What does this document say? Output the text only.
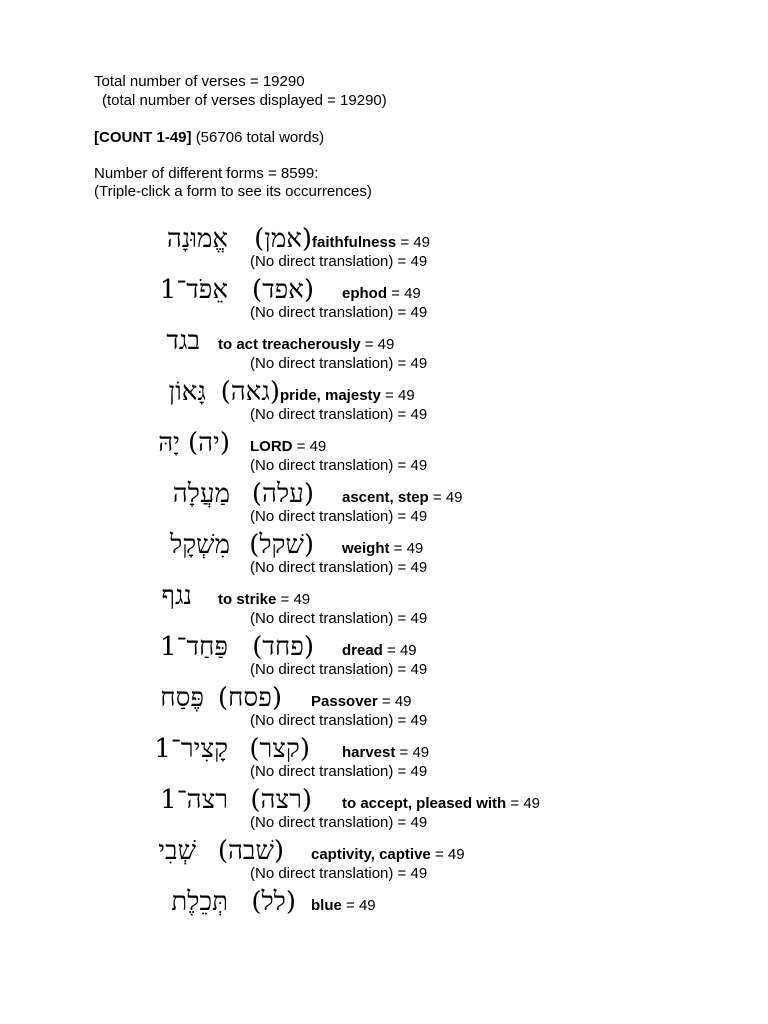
Total number of verses = 19290
(total number of verses displayed = 19290)
[COUNT 1-49] (56706 total words)
Number of different forms = 8599:
(Triple-click a form to see its occurrences)
אֱמוּנָה (אמן) faithfulness = 49
(No direct translation) = 49
אֵפֹד־1 (אפד) ephod = 49
(No direct translation) = 49
בגד to act treacherously = 49
(No direct translation) = 49
גָּאוֹן (גאה) pride, majesty = 49
(No direct translation) = 49
יָהּ (יה) LORD = 49
(No direct translation) = 49
מַעֲלָה (עלה) ascent, step = 49
(No direct translation) = 49
מִשְׁקָל (שׁקל) weight = 49
(No direct translation) = 49
נגף to strike = 49
(No direct translation) = 49
פַּחַד־1 (פחד) dread = 49
(No direct translation) = 49
פֶּסַח (פסח) Passover = 49
(No direct translation) = 49
קָצִיר־1 (קצר) harvest = 49
(No direct translation) = 49
רצה־1 (רצה) to accept, pleased with = 49
(No direct translation) = 49
שְׁבִי (שׁבה) captivity, captive = 49
(No direct translation) = 49
תְּכֵלֶת (לל) blue = 49
